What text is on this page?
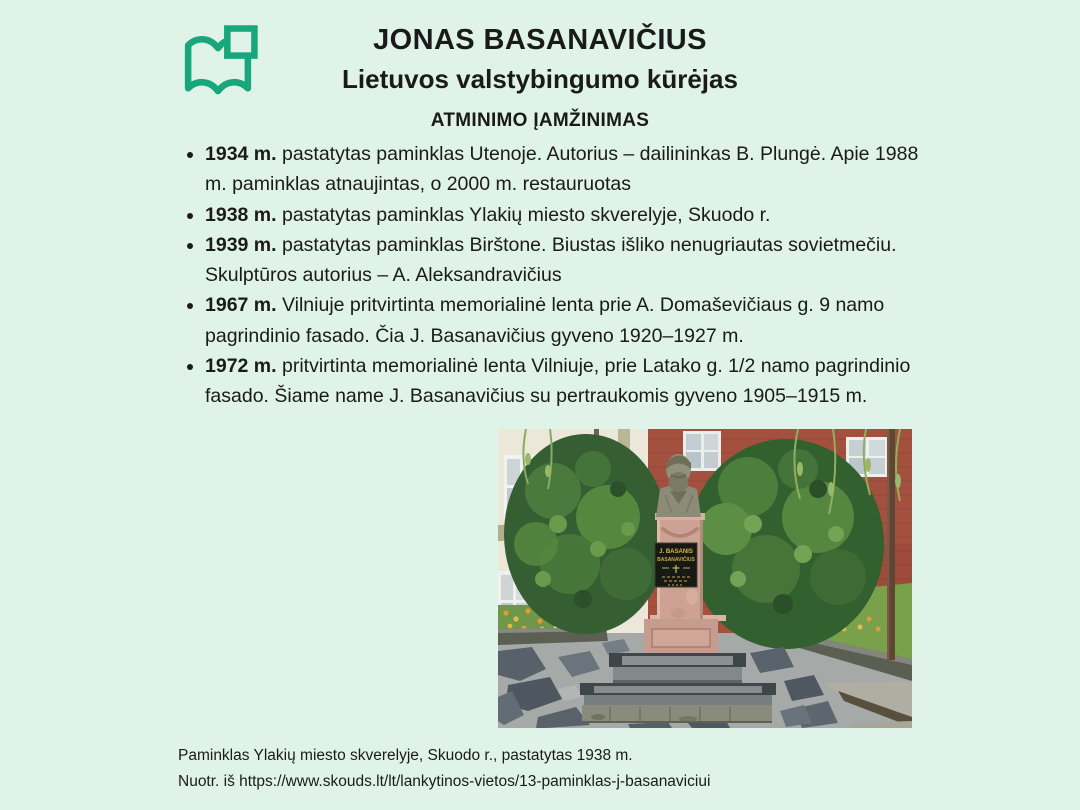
JONAS BASANAVIČIUS
Lietuvos valstybingumo kūrėjas
ATMINIMO ĮAMŽINIMAS
• 1934 m. pastatytas paminklas Utenoje. Autorius – dailininkas B. Plungė. Apie 1988 m. paminklas atnaujintas, o 2000 m. restauruotas
• 1938 m. pastatytas paminklas Ylakių miesto skverelyje, Skuodo r.
• 1939 m. pastatytas paminklas Birštone. Biustas išliko nenugriautas sovietmečiu. Skulptūros autorius – A. Aleksandravičius
• 1967 m. Vilniuje pritvirtinta memorialinė lenta prie A. Domaševičiaus g. 9 namo pagrindinio fasado. Čia J. Basanavičius gyveno 1920–1927 m.
• 1972 m. pritvirtinta memorialinė lenta Vilniuje, prie Latako g. 1/2 namo pagrindinio fasado. Šiame name J. Basanavičius su pertraukomis gyveno 1905–1915 m.
J. BASANIS
BASANAVIČIUS
Paminklas Ylakių miesto skverelyje, Skuodo r., pastatytas 1938 m.
Nuotr. iš https://www.skouds.lt/lt/lankytinos-vietos/13-paminklas-j-basanaviciui
